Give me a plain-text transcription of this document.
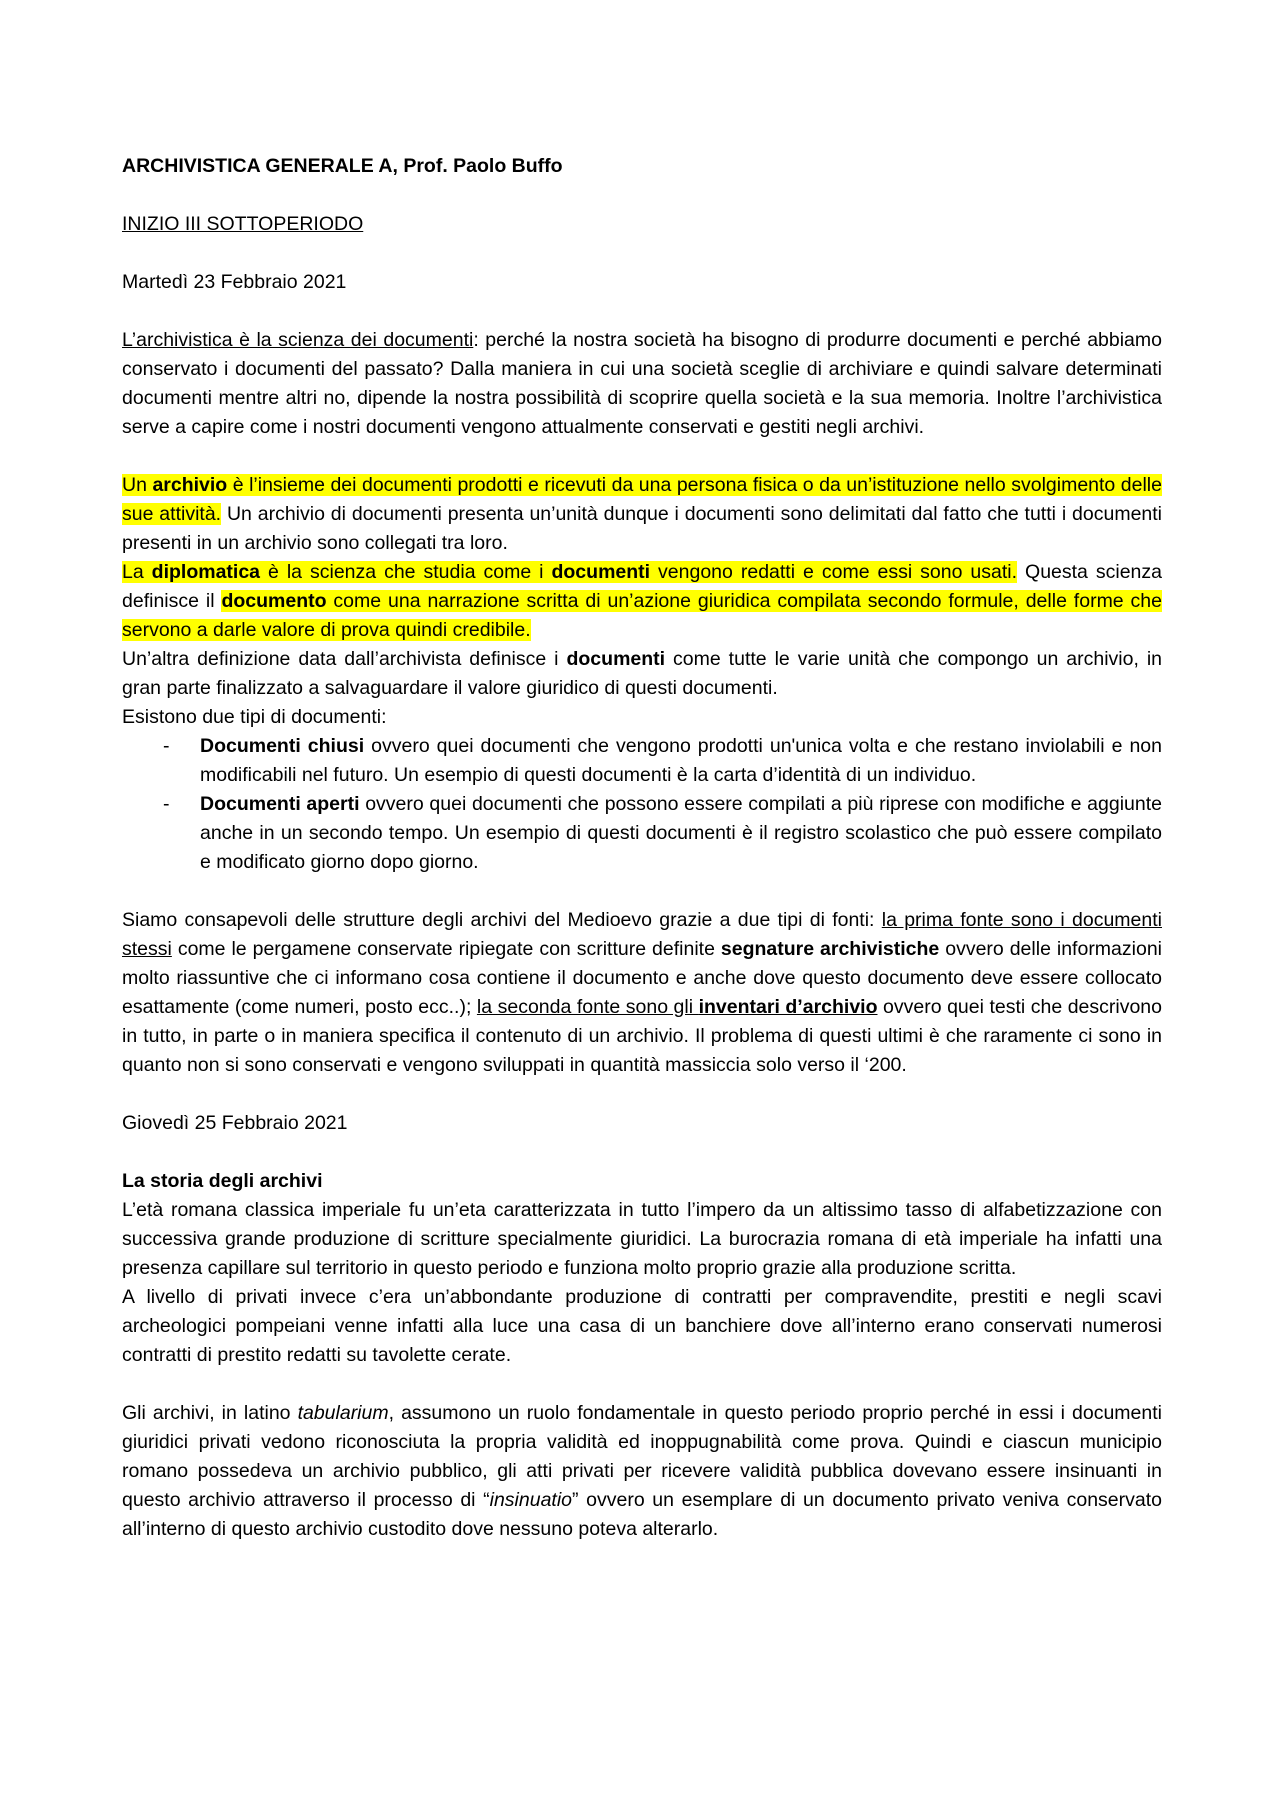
ARCHIVISTICA GENERALE A, Prof. Paolo Buffo

INIZIO III SOTTOPERIODO

Martedì 23 Febbraio 2021

L’archivistica è la scienza dei documenti: perché la nostra società ha bisogno di produrre documenti e perché abbiamo conservato i documenti del passato? Dalla maniera in cui una società sceglie di archiviare e quindi salvare determinati documenti mentre altri no, dipende la nostra possibilità di scoprire quella società e la sua memoria. Inoltre l’archivistica serve a capire come i nostri documenti vengono attualmente conservati e gestiti negli archivi.

Un archivio è l’insieme dei documenti prodotti e ricevuti da una persona fisica o da un’istituzione nello svolgimento delle sue attività. Un archivio di documenti presenta un’unità dunque i documenti sono delimitati dal fatto che tutti i documenti presenti in un archivio sono collegati tra loro.

La diplomatica è la scienza che studia come i documenti vengono redatti e come essi sono usati. Questa scienza definisce il documento come una narrazione scritta di un’azione giuridica compilata secondo formule, delle forme che servono a darle valore di prova quindi credibile.

Un’altra definizione data dall’archivista definisce i documenti come tutte le varie unità che compongo un archivio, in gran parte finalizzato a salvaguardare il valore giuridico di questi documenti.

Esistono due tipi di documenti:

- Documenti chiusi ovvero quei documenti che vengono prodotti un'unica volta e che restano inviolabili e non modificabili nel futuro. Un esempio di questi documenti è la carta d’identità di un individuo.
- Documenti aperti ovvero quei documenti che possono essere compilati a più riprese con modifiche e aggiunte anche in un secondo tempo. Un esempio di questi documenti è il registro scolastico che può essere compilato e modificato giorno dopo giorno.

Siamo consapevoli delle strutture degli archivi del Medioevo grazie a due tipi di fonti: la prima fonte sono i documenti stessi come le pergamene conservate ripiegate con scritture definite segnature archivistiche ovvero delle informazioni molto riassuntive che ci informano cosa contiene il documento e anche dove questo documento deve essere collocato esattamente (come numeri, posto ecc..); la seconda fonte sono gli inventari d’archivio ovvero quei testi che descrivono in tutto, in parte o in maniera specifica il contenuto di un archivio. Il problema di questi ultimi è che raramente ci sono in quanto non si sono conservati e vengono sviluppati in quantità massiccia solo verso il ‘200.

Giovedì 25 Febbraio 2021

La storia degli archivi

L’età romana classica imperiale fu un’eta caratterizzata in tutto l’impero da un altissimo tasso di alfabetizzazione con successiva grande produzione di scritture specialmente giuridici. La burocrazia romana di età imperiale ha infatti una presenza capillare sul territorio in questo periodo e funziona molto proprio grazie alla produzione scritta.

A livello di privati invece c’era un’abbondante produzione di contratti per compravendite, prestiti e negli scavi archeologici pompeiani venne infatti alla luce una casa di un banchiere dove all’interno erano conservati numerosi contratti di prestito redatti su tavolette cerate.

Gli archivi, in latino tabularium, assumono un ruolo fondamentale in questo periodo proprio perché in essi i documenti giuridici privati vedono riconosciuta la propria validità ed inoppugnabilità come prova. Quindi e ciascun municipio romano possedeva un archivio pubblico, gli atti privati per ricevere validità pubblica dovevano essere insinuanti in questo archivio attraverso il processo di “insinuatio” ovvero un esemplare di un documento privato veniva conservato all’interno di questo archivio custodito dove nessuno poteva alterarlo.
